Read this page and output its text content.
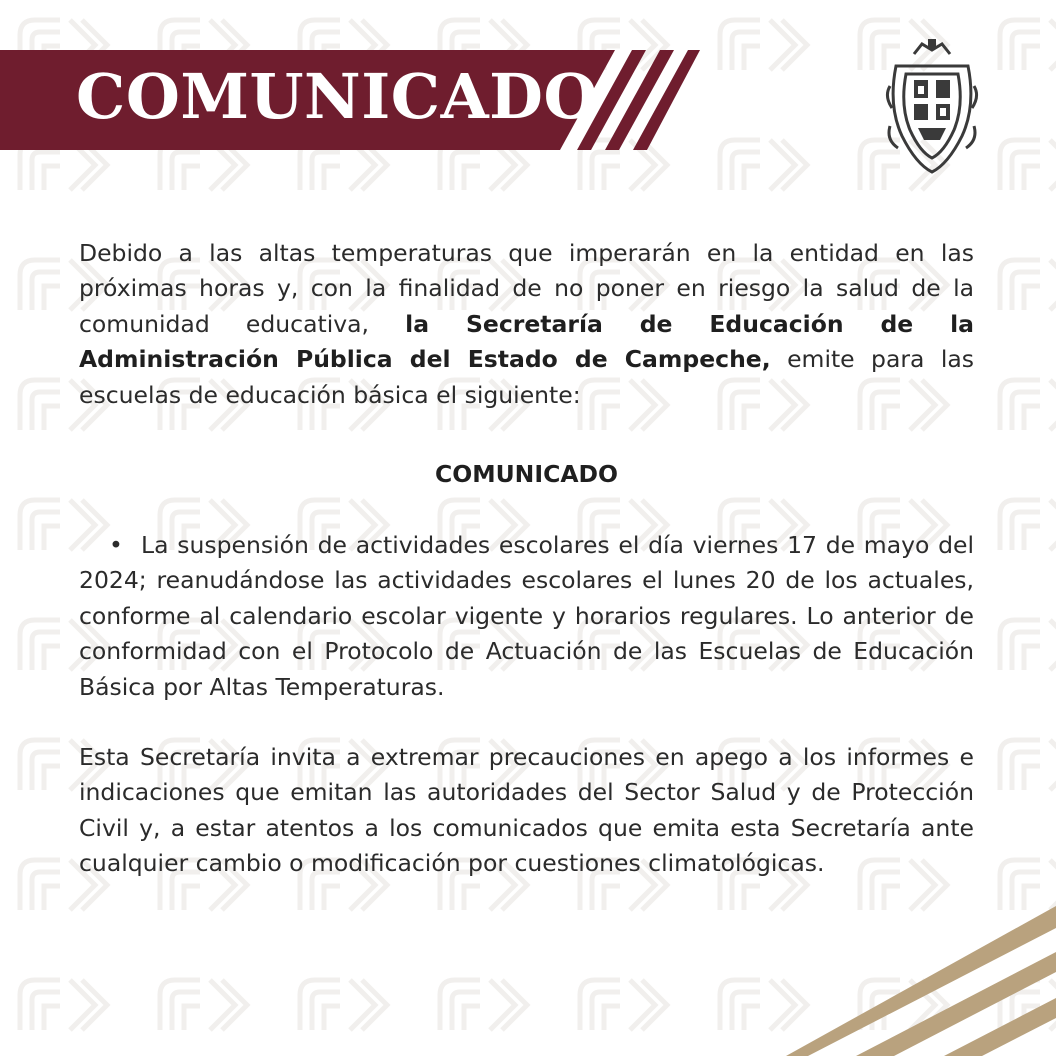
COMUNICADO

Debido a las altas temperaturas que imperarán en la entidad en las próximas horas y, con la finalidad de no poner en riesgo la salud de la comunidad educativa, la Secretaría de Educación de la Administración Pública del Estado de Campeche, emite para las escuelas de educación básica el siguiente:

COMUNICADO

• La suspensión de actividades escolares el día viernes 17 de mayo del 2024; reanudándose las actividades escolares el lunes 20 de los actuales, conforme al calendario escolar vigente y horarios regulares. Lo anterior de conformidad con el Protocolo de Actuación de las Escuelas de Educación Básica por Altas Temperaturas.

Esta Secretaría invita a extremar precauciones en apego a los informes e indicaciones que emitan las autoridades del Sector Salud y de Protección Civil y, a estar atentos a los comunicados que emita esta Secretaría ante cualquier cambio o modificación por cuestiones climatológicas.
